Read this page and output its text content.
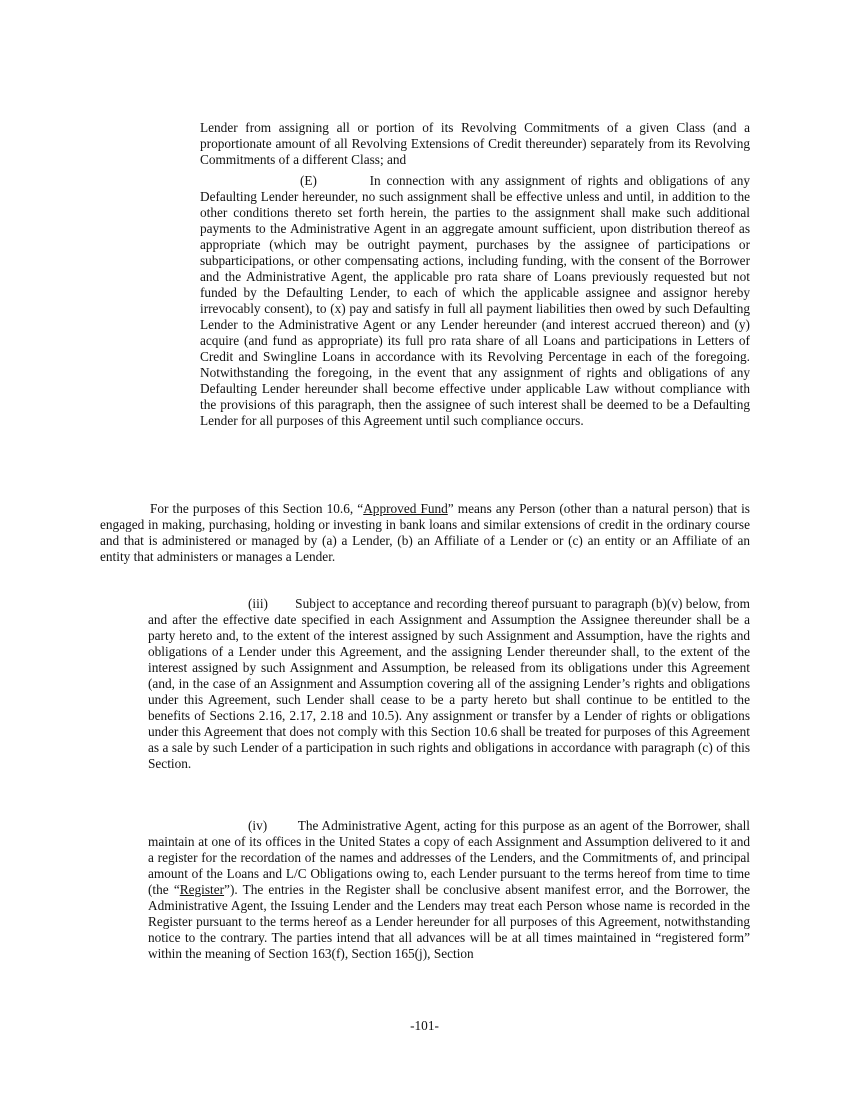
Lender from assigning all or portion of its Revolving Commitments of a given Class (and a proportionate amount of all Revolving Extensions of Credit thereunder) separately from its Revolving Commitments of a different Class; and

(E)	In connection with any assignment of rights and obligations of any Defaulting Lender hereunder, no such assignment shall be effective unless and until, in addition to the other conditions thereto set forth herein, the parties to the assignment shall make such additional payments to the Administrative Agent in an aggregate amount sufficient, upon distribution thereof as appropriate (which may be outright payment, purchases by the assignee of participations or subparticipations, or other compensating actions, including funding, with the consent of the Borrower and the Administrative Agent, the applicable pro rata share of Loans previously requested but not funded by the Defaulting Lender, to each of which the applicable assignee and assignor hereby irrevocably consent), to (x) pay and satisfy in full all payment liabilities then owed by such Defaulting Lender to the Administrative Agent or any Lender hereunder (and interest accrued thereon) and (y) acquire (and fund as appropriate) its full pro rata share of all Loans and participations in Letters of Credit and Swingline Loans in accordance with its Revolving Percentage in each of the foregoing. Notwithstanding the foregoing, in the event that any assignment of rights and obligations of any Defaulting Lender hereunder shall become effective under applicable Law without compliance with the provisions of this paragraph, then the assignee of such interest shall be deemed to be a Defaulting Lender for all purposes of this Agreement until such compliance occurs.

For the purposes of this Section 10.6, “Approved Fund” means any Person (other than a natural person) that is engaged in making, purchasing, holding or investing in bank loans and similar extensions of credit in the ordinary course and that is administered or managed by (a) a Lender, (b) an Affiliate of a Lender or (c) an entity or an Affiliate of an entity that administers or manages a Lender.

(iii) Subject to acceptance and recording thereof pursuant to paragraph (b)(v) below, from and after the effective date specified in each Assignment and Assumption the Assignee thereunder shall be a party hereto and, to the extent of the interest assigned by such Assignment and Assumption, have the rights and obligations of a Lender under this Agreement, and the assigning Lender thereunder shall, to the extent of the interest assigned by such Assignment and Assumption, be released from its obligations under this Agreement (and, in the case of an Assignment and Assumption covering all of the assigning Lender’s rights and obligations under this Agreement, such Lender shall cease to be a party hereto but shall continue to be entitled to the benefits of Sections 2.16, 2.17, 2.18 and 10.5). Any assignment or transfer by a Lender of rights or obligations under this Agreement that does not comply with this Section 10.6 shall be treated for purposes of this Agreement as a sale by such Lender of a participation in such rights and obligations in accordance with paragraph (c) of this Section.

(iv) The Administrative Agent, acting for this purpose as an agent of the Borrower, shall maintain at one of its offices in the United States a copy of each Assignment and Assumption delivered to it and a register for the recordation of the names and addresses of the Lenders, and the Commitments of, and principal amount of the Loans and L/C Obligations owing to, each Lender pursuant to the terms hereof from time to time (the “Register”). The entries in the Register shall be conclusive absent manifest error, and the Borrower, the Administrative Agent, the Issuing Lender and the Lenders may treat each Person whose name is recorded in the Register pursuant to the terms hereof as a Lender hereunder for all purposes of this Agreement, notwithstanding notice to the contrary. The parties intend that all advances will be at all times maintained in “registered form” within the meaning of Section 163(f), Section 165(j), Section

-101-
